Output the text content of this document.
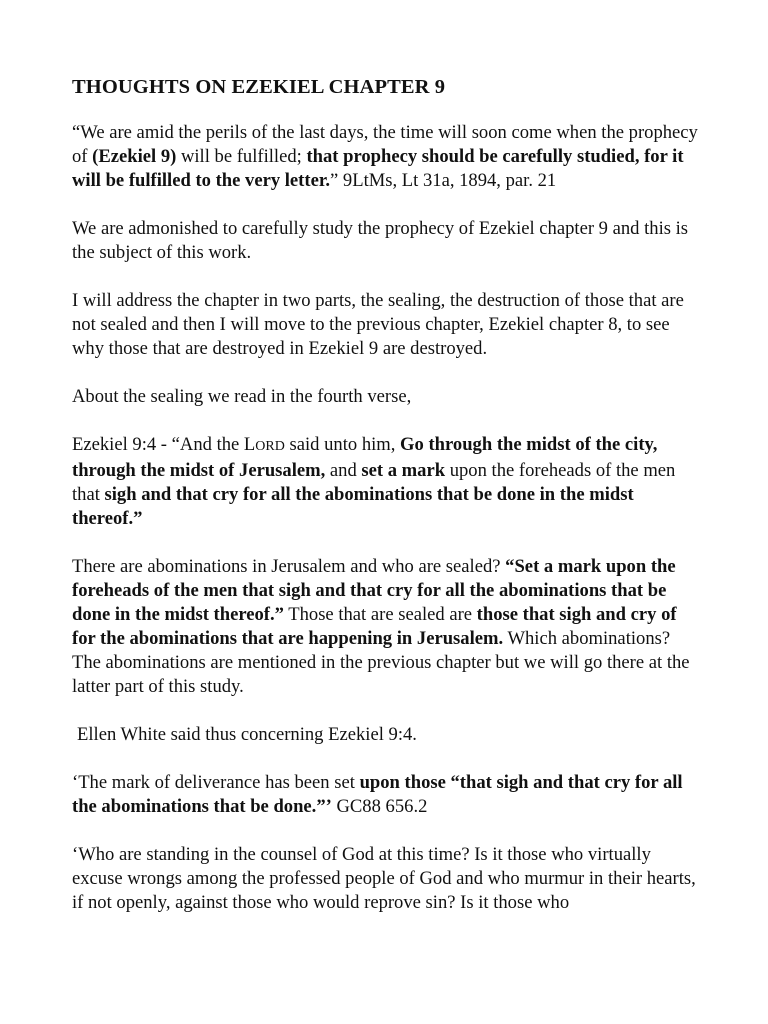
THOUGHTS ON EZEKIEL CHAPTER 9

“We are amid the perils of the last days, the time will soon come when the prophecy of (Ezekiel 9) will be fulfilled; that prophecy should be carefully studied, for it will be fulfilled to the very letter.” 9LtMs, Lt 31a, 1894, par. 21

We are admonished to carefully study the prophecy of Ezekiel chapter 9 and this is the subject of this work.

I will address the chapter in two parts, the sealing, the destruction of those that are not sealed and then I will move to the previous chapter, Ezekiel chapter 8, to see why those that are destroyed in Ezekiel 9 are destroyed.

About the sealing we read in the fourth verse,

Ezekiel 9:4 - “And the LORD said unto him, Go through the midst of the city, through the midst of Jerusalem, and set a mark upon the foreheads of the men that sigh and that cry for all the abominations that be done in the midst thereof.”

There are abominations in Jerusalem and who are sealed? “Set a mark upon the foreheads of the men that sigh and that cry for all the abominations that be done in the midst thereof.” Those that are sealed are those that sigh and cry of for the abominations that are happening in Jerusalem. Which abominations? The abominations are mentioned in the previous chapter but we will go there at the latter part of this study.

Ellen White said thus concerning Ezekiel 9:4.

‘The mark of deliverance has been set upon those “that sigh and that cry for all the abominations that be done.”’ GC88 656.2

‘Who are standing in the counsel of God at this time? Is it those who virtually excuse wrongs among the professed people of God and who murmur in their hearts, if not openly, against those who would reprove sin? Is it those who
